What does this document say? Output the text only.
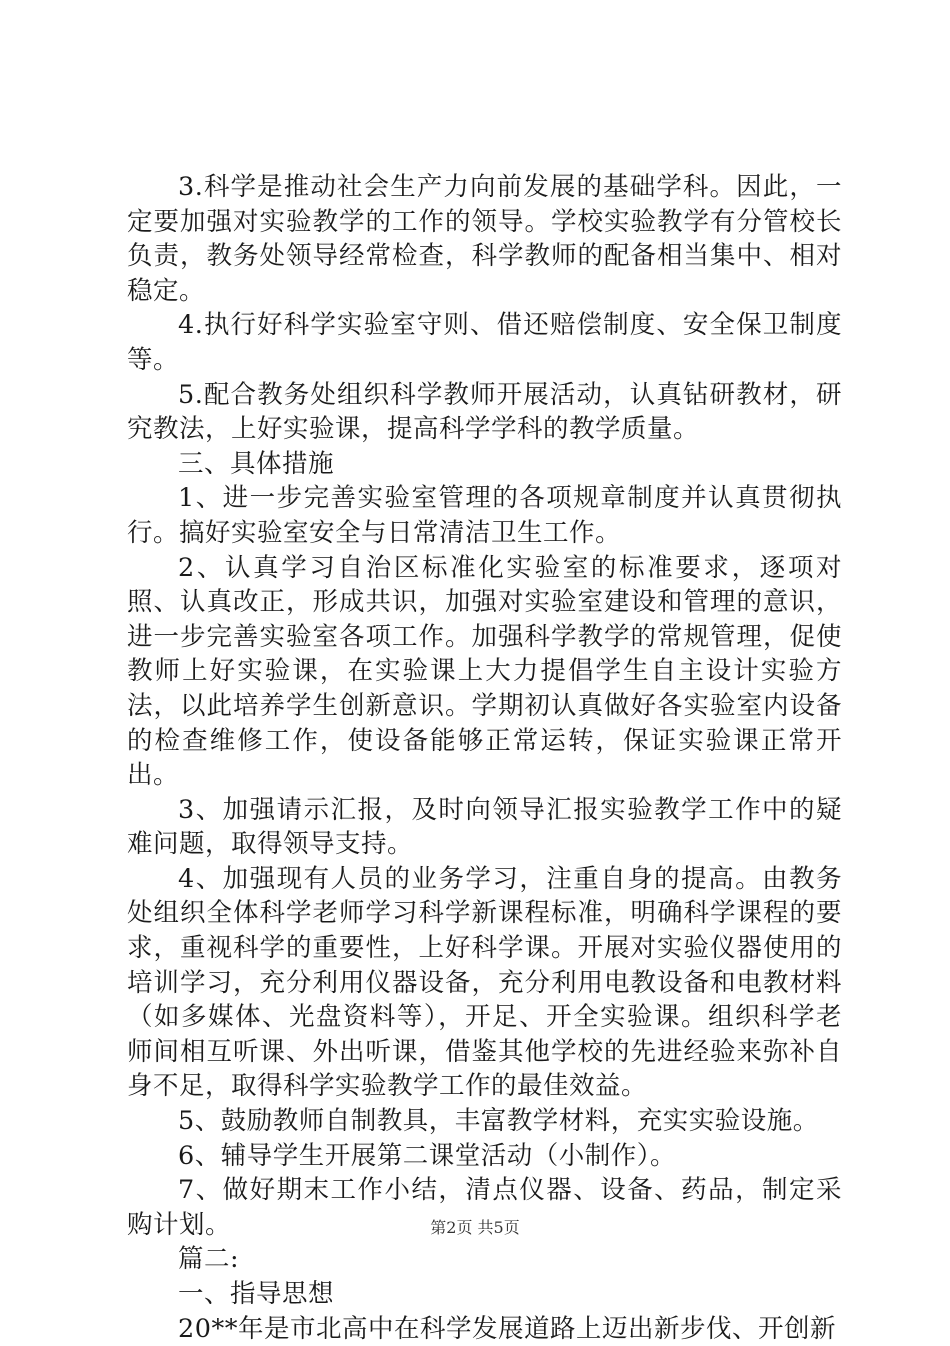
3.科学是推动社会生产力向前发展的基础学科。因此，一定要加强对实验教学的工作的领导。学校实验教学有分管校长负责，教务处领导经常检查，科学教师的配备相当集中、相对稳定。

4.执行好科学实验室守则、借还赔偿制度、安全保卫制度等。

5.配合教务处组织科学教师开展活动，认真钻研教材，研究教法，上好实验课，提高科学学科的教学质量。

三、具体措施

1、进一步完善实验室管理的各项规章制度并认真贯彻执行。搞好实验室安全与日常清洁卫生工作。

2、认真学习自治区标准化实验室的标准要求，逐项对照、认真改正，形成共识，加强对实验室建设和管理的意识，进一步完善实验室各项工作。加强科学教学的常规管理，促使教师上好实验课，在实验课上大力提倡学生自主设计实验方法，以此培养学生创新意识。学期初认真做好各实验室内设备的检查维修工作，使设备能够正常运转，保证实验课正常开出。

3、加强请示汇报，及时向领导汇报实验教学工作中的疑难问题，取得领导支持。

4、加强现有人员的业务学习，注重自身的提高。由教务处组织全体科学老师学习科学新课程标准，明确科学课程的要求，重视科学的重要性，上好科学课。开展对实验仪器使用的培训学习，充分利用仪器设备，充分利用电教设备和电教材料（如多媒体、光盘资料等），开足、开全实验课。组织科学老师间相互听课、外出听课，借鉴其他学校的先进经验来弥补自身不足，取得科学实验教学工作的最佳效益。

5、鼓励教师自制教具，丰富教学材料，充实实验设施。

6、辅导学生开展第二课堂活动（小制作）。

7、做好期末工作小结，清点仪器、设备、药品，制定采购计划。

篇二:

一、指导思想

20**年是市北高中在科学发展道路上迈出新步伐、开创新

第2页 共5页
